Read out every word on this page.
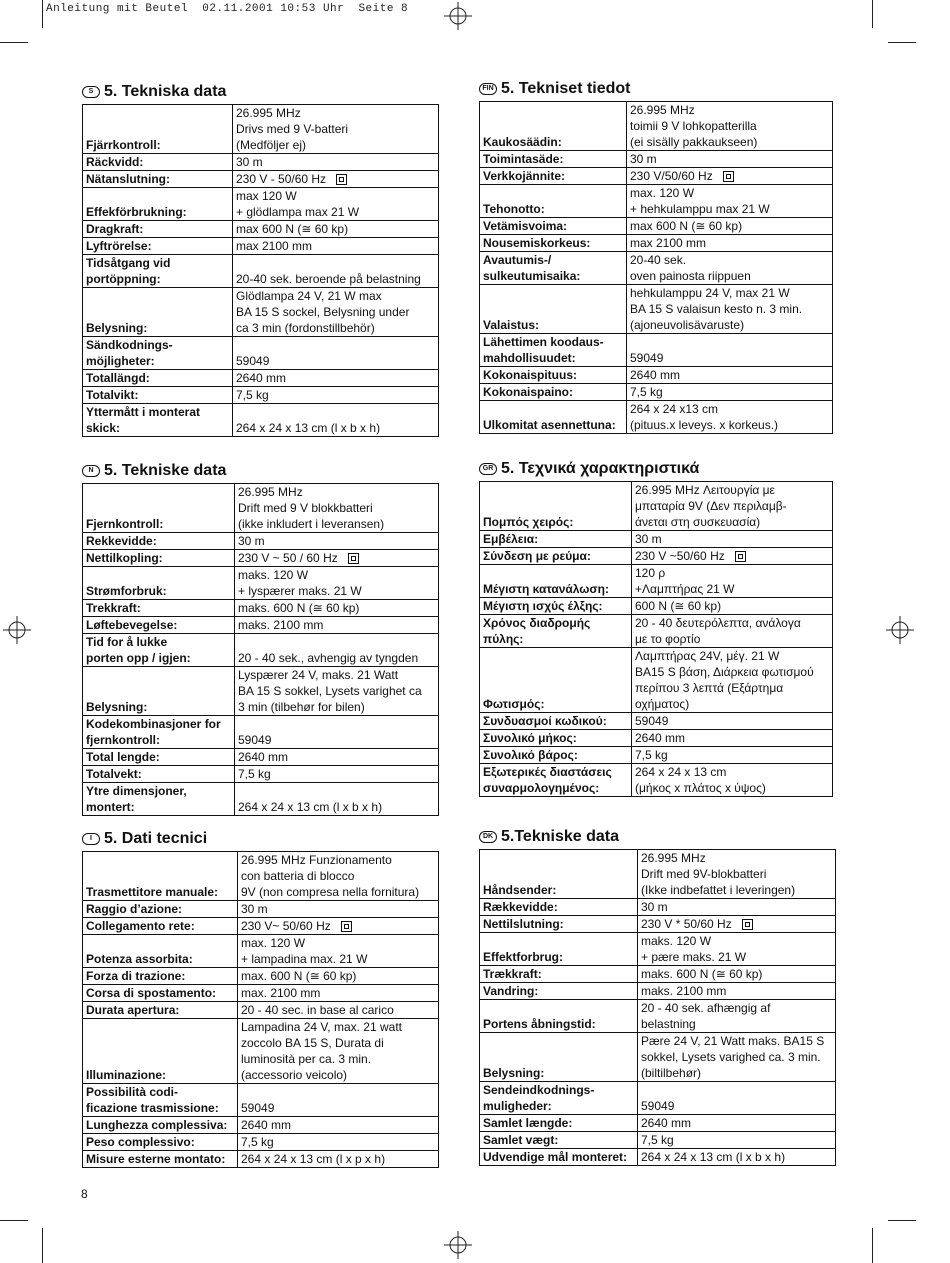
Anleitung mit Beutel  02.11.2001 10:53 Uhr  Seite 8
S 5. Tekniska data
Fjärrkontroll:	26.995 MHz
Drivs med 9 V-batteri
(Medföljer ej)

Räckvidd:	30 m

Nätanslutning:	230 V - 50/60 Hz

Effekförbrukning:	max 120 W
+ glödlampa max 21 W

Dragkraft:	max 600 N (≅ 60 kp)

Lyftrörelse:	max 2100 mm

Tidsåtgang vid
portöppning:	
20-40 sek. beroende på belastning

Belysning:	Glödlampa 24 V, 21 W max
BA 15 S sockel, Belysning under
ca 3 min (fordonstillbehör)

Sändkodnings-
möjligheter:	
59049

Totallängd:	2640 mm

Totalvikt:	7,5 kg

Yttermått i monterat
skick:	
264 x 24 x 13 cm (l x b x h)
FIN 5. Tekniset tiedot
Kaukosäädin:	26.995 MHz
toimii 9 V lohkopatterilla
(ei sisälly pakkaukseen)

Toimintasäde:	30 m

Verkkojännite:	230 V/50/60 Hz

Tehonotto:	max. 120 W
+ hehkulamppu max 21 W

Vetämisvoima:	max 600 N (≅ 60 kp)

Nousemiskorkeus:	max 2100 mm

Avautumis-/
sulkeutumisaika:	20-40 sek.
oven painosta riippuen

Valaistus:	hehkulamppu 24 V, max 21 W
BA 15 S valaisun kesto n. 3 min.
(ajoneuvolisävaruste)

Lähettimen koodaus-
mahdollisuudet:	
59049

Kokonaispituus:	2640 mm

Kokonaispaino:	7,5 kg

Ulkomitat asennettuna:	264 x 24 x13 cm
(pituus.x leveys. x korkeus.)
N 5. Tekniske data
Fjernkontroll:	26.995 MHz
Drift med 9 V blokkbatteri
(ikke inkludert i leveransen)

Rekkevidde:	30 m

Nettilkopling:	230 V ~ 50 / 60 Hz

Strømforbruk:	maks. 120 W
+ lyspærer maks. 21 W

Trekkraft:	maks. 600 N (≅ 60 kp)

Løftebevegelse:	maks. 2100 mm

Tid for å lukke
porten opp / igjen:	
20 - 40 sek., avhengig av tyngden

Belysning:	Lyspærer 24 V, maks. 21 Watt
BA 15 S sokkel, Lysets varighet ca
3 min (tilbehør for bilen)

Kodekombinasjoner for
fjernkontroll:	
59049

Total lengde:	2640 mm

Totalvekt:	7,5 kg

Ytre dimensjoner,
montert:	
264 x 24 x 13 cm (l x b x h)
GR 5. Τεχνικά χαρακτηριστικά
Πομπός χειρός:	26.995 MHz Λειτουργία με
μπαταρία 9V (Δεν περιλαμβ-
άνεται στη συσκευασία)

Εμβέλεια:	30 m

Σύνδεση με ρεύμα:	230 V ~50/60 Hz

Μέγιστη κατανάλωση:	120 ρ
+Λαμπτήρας 21 W

Μέγιστη ισχύς έλξης:	600 N (≅ 60 kp)

Χρόνος διαδρομής
πύλης:	20 - 40 δευτερόλεπτα, ανάλογα
με το φορτίο

Φωτισμός:	Λαμπτήρας 24V, μέγ. 21 W
BA15 S βάση, Διάρκεια φωτισμού
περίπου 3 λεπτά (Εξάρτημα
οχήματος)

Συνδυασμοί κωδικού:	59049

Συνολικό μήκος:	2640 mm

Συνολικό βάρος:	7,5 kg

Εξωτερικές διαστάσεις
συναρμολογημένος:	264 x 24 x 13 cm
(μήκος x πλάτος x ύψος)
I 5. Dati tecnici
Trasmettitore manuale:	26.995 MHz Funzionamento
con batteria di blocco
9V (non compresa nella fornitura)

Raggio d’azione:	30 m

Collegamento rete:	230 V~ 50/60 Hz

Potenza assorbita:	max. 120 W
+ lampadina max. 21 W

Forza di trazione:	max. 600 N (≅ 60 kp)

Corsa di spostamento:	max. 2100 mm

Durata apertura:	20 - 40 sec. in base al carico

Illuminazione:	Lampadina 24 V, max. 21 watt
zoccolo BA 15 S, Durata di
luminosità per ca. 3 min.
(accessorio veicolo)

Possibilità codi-
ficazione trasmissione:	
59049

Lunghezza complessiva:	2640 mm

Peso complessivo:	7,5 kg

Misure esterne montato:	264 x 24 x 13 cm (l x p x h)
DK 5.Tekniske data
Håndsender:	26.995 MHz
Drift med 9V-blokbatteri
(Ikke indbefattet i leveringen)

Rækkevidde:	30 m

Nettilslutning:	230 V * 50/60 Hz

Effektforbrug:	maks. 120 W
+ pære maks. 21 W

Trækkraft:	maks. 600 N (≅ 60 kp)

Vandring:	maks. 2100 mm

Portens åbningstid:	20 - 40 sek. afhængig af
belastning

Belysning:	Pære 24 V, 21 Watt maks. BA15 S
sokkel, Lysets varighed ca. 3 min.
(biltilbehør)

Sendeindkodnings-
muligheder:	
59049

Samlet længde:	2640 mm

Samlet vægt:	7,5 kg

Udvendige mål monteret:	264 x 24 x 13 cm (l x b x h)
8
